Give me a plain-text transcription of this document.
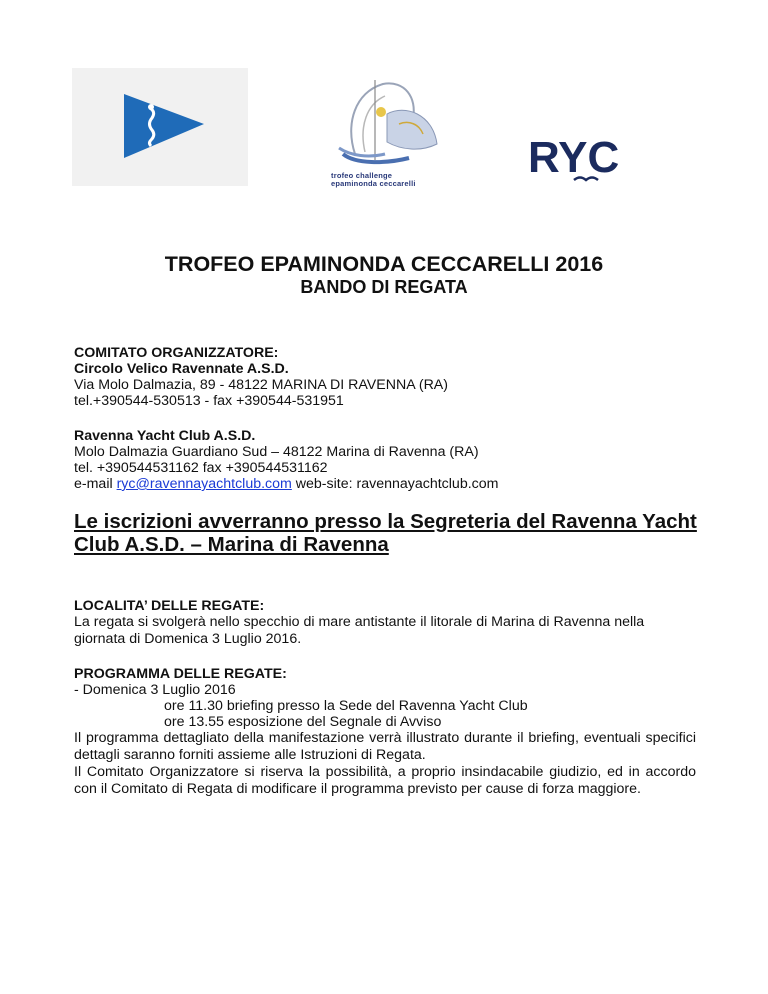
trofeo challenge
epaminonda ceccarelli
RYC
TROFEO EPAMINONDA CECCARELLI 2016
BANDO DI REGATA
COMITATO ORGANIZZATORE:
Circolo Velico Ravennate A.S.D.
Via Molo Dalmazia, 89 - 48122 MARINA DI RAVENNA (RA)
tel.+390544-530513 - fax +390544-531951
Ravenna Yacht Club A.S.D.
Molo Dalmazia Guardiano Sud – 48122 Marina di Ravenna (RA)
tel. +390544531162 fax +390544531162
e-mail ryc@ravennayachtclub.com web-site: ravennayachtclub.com
Le iscrizioni avverranno presso la Segreteria del Ravenna Yacht
Club A.S.D. – Marina di Ravenna
LOCALITA’ DELLE REGATE:
La regata si svolgerà nello specchio di mare antistante il litorale di Marina di Ravenna nella giornata di Domenica 3 Luglio 2016.
PROGRAMMA DELLE REGATE:
- Domenica 3 Luglio 2016
ore 11.30 briefing presso la Sede del Ravenna Yacht Club
ore 13.55 esposizione del Segnale di Avviso
Il programma dettagliato della manifestazione verrà illustrato durante il briefing, eventuali specifici dettagli saranno forniti assieme alle Istruzioni di Regata.
Il Comitato Organizzatore si riserva la possibilità, a proprio insindacabile giudizio, ed in accordo con il Comitato di Regata di modificare il programma previsto per cause di forza maggiore.
